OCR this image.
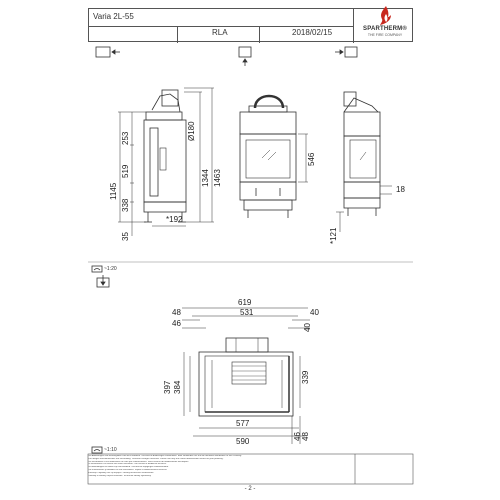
Varia 2L-55
RLA	2018/02/15	SPARTHERM®
THE FIRE COMPANY
1145
253
519
338
35
Ø180
1344 1463
*192
546
18
*121
~1:20
~1:10
619
531
48
46
40
40
397 384
339
577
590
46 48
Die Abbildungen und Maßangaben sind nicht bindend. Technische Änderungen vorbehalten. Bitte verwenden Sie nur die aktuellen Maßblätter für Ihre Planung.
The images and dimensions are not binding. Technical changes reserved. Please use only the current dimensional sheets for your planning.
Les illustrations et les dimensions ne sont pas contractuelles. Sous réserve de modifications techniques.
Le illustrazioni e le misure non sono vincolanti. Con riserva di modifiche tecniche.
De afbeeldingen en maten zijn niet bindend. Technische wijzigingen voorbehouden.
Las ilustraciones y medidas no son vinculantes. Sujeto a modificaciones técnicas.
Ilustracje i wymiary nie są wiążące. Zmiany techniczne zastrzeżone.
Obrázky a rozměry nejsou závazné. Technické změny vyhrazeny.
- 2 -
